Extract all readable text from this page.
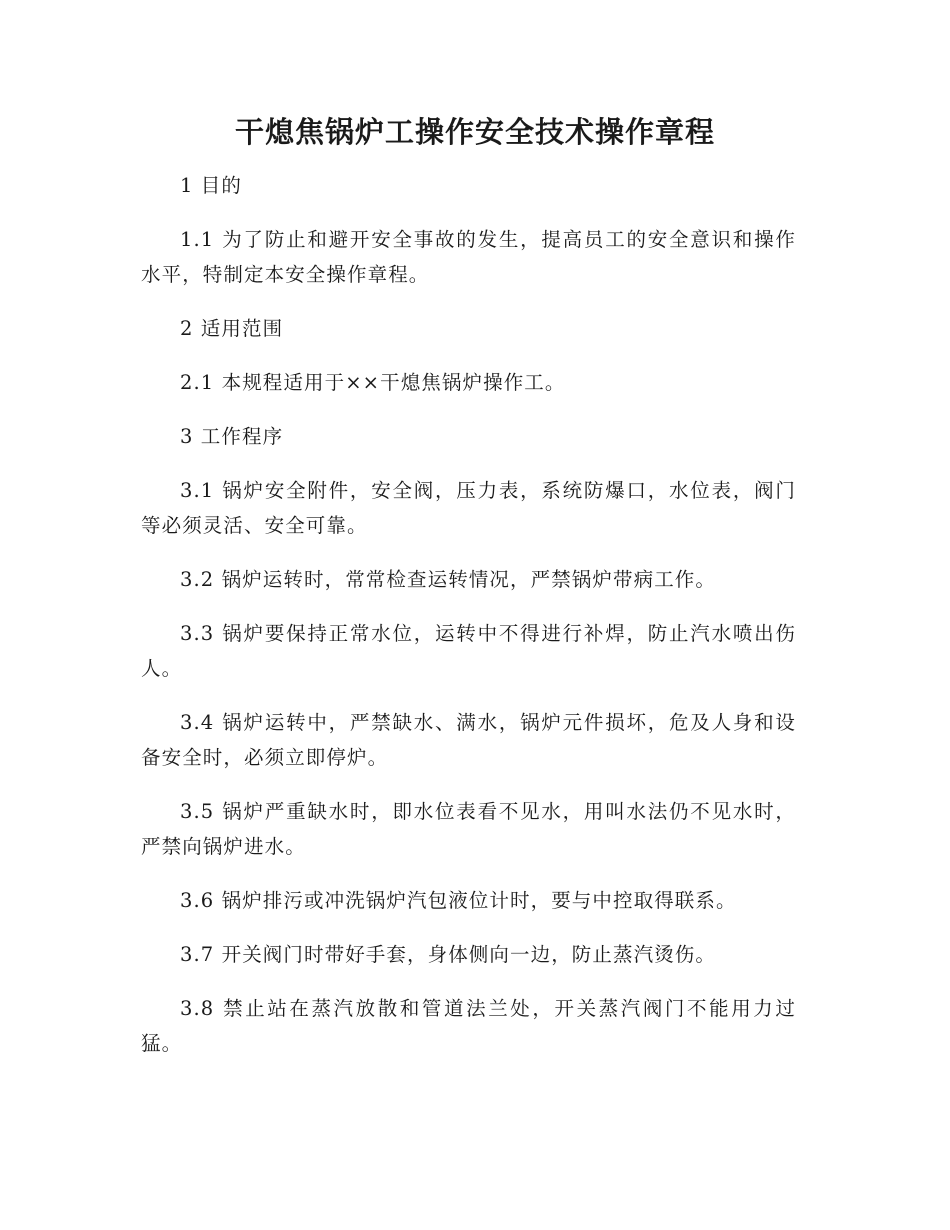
干熄焦锅炉工操作安全技术操作章程

1 目的

1.1 为了防止和避开安全事故的发生，提高员工的安全意识和操作水平，特制定本安全操作章程。

2 适用范围

2.1 本规程适用于××干熄焦锅炉操作工。

3 工作程序

3.1 锅炉安全附件，安全阀，压力表，系统防爆口，水位表，阀门等必须灵活、安全可靠。

3.2 锅炉运转时，常常检查运转情况，严禁锅炉带病工作。

3.3 锅炉要保持正常水位，运转中不得进行补焊，防止汽水喷出伤人。

3.4 锅炉运转中，严禁缺水、满水，锅炉元件损坏，危及人身和设备安全时，必须立即停炉。

3.5 锅炉严重缺水时，即水位表看不见水，用叫水法仍不见水时，严禁向锅炉进水。

3.6 锅炉排污或冲洗锅炉汽包液位计时，要与中控取得联系。

3.7 开关阀门时带好手套，身体侧向一边，防止蒸汽烫伤。

3.8 禁止站在蒸汽放散和管道法兰处，开关蒸汽阀门不能用力过猛。
